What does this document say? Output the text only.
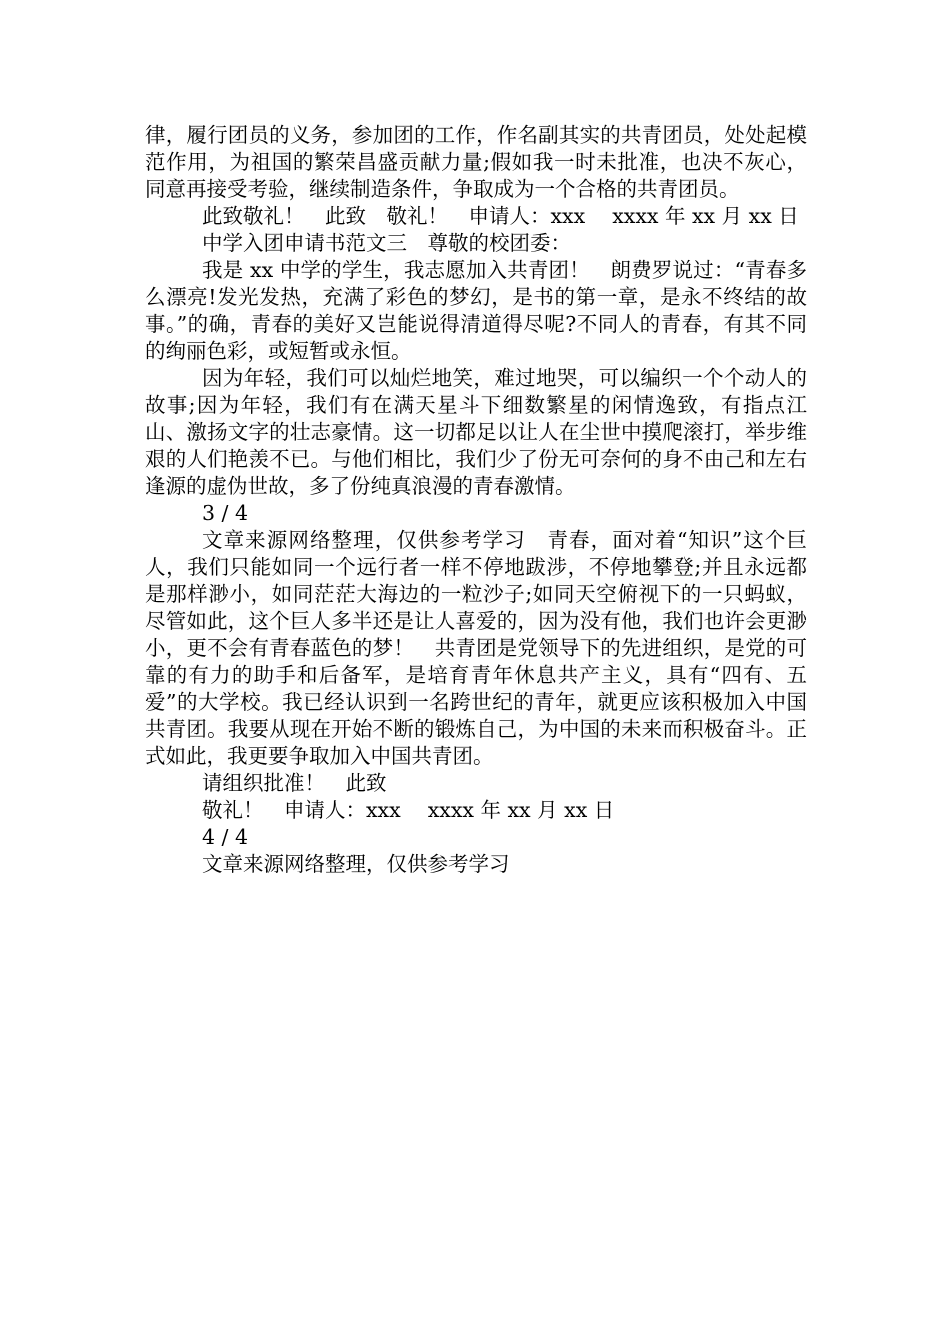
律，履行团员的义务，参加团的工作，作名副其实的共青团员，处处起模范作用，为祖国的繁荣昌盛贡献力量;假如我一时未批准，也决不灰心，同意再接受考验，继续制造条件，争取成为一个合格的共青团员。

此致敬礼！　此致　敬礼！　申请人：xxx　 xxxx 年 xx 月 xx 日

中学入团申请书范文三　尊敬的校团委：

我是 xx 中学的学生，我志愿加入共青团！　朗费罗说过：“青春多么漂亮!发光发热，充满了彩色的梦幻，是书的第一章，是永不终结的故事。”的确，青春的美好又岂能说得清道得尽呢?不同人的青春，有其不同的绚丽色彩，或短暂或永恒。

因为年轻，我们可以灿烂地笑，难过地哭，可以编织一个个动人的故事;因为年轻，我们有在满天星斗下细数繁星的闲情逸致，有指点江山、激扬文字的壮志豪情。这一切都足以让人在尘世中摸爬滚打，举步维艰的人们艳羡不已。与他们相比，我们少了份无可奈何的身不由己和左右逢源的虚伪世故，多了份纯真浪漫的青春激情。

3 / 4

文章来源网络整理，仅供参考学习　青春，面对着“知识”这个巨人，我们只能如同一个远行者一样不停地跋涉，不停地攀登;并且永远都是那样渺小，如同茫茫大海边的一粒沙子;如同天空俯视下的一只蚂蚁，尽管如此，这个巨人多半还是让人喜爱的，因为没有他，我们也许会更渺小，更不会有青春蓝色的梦！　共青团是党领导下的先进组织，是党的可靠的有力的助手和后备军，是培育青年休息共产主义，具有“四有、五爱”的大学校。我已经认识到一名跨世纪的青年，就更应该积极加入中国共青团。我要从现在开始不断的锻炼自己，为中国的未来而积极奋斗。正式如此，我更要争取加入中国共青团。

请组织批准！　此致

敬礼！　申请人：xxx　 xxxx 年 xx 月 xx 日

4 / 4

文章来源网络整理，仅供参考学习
